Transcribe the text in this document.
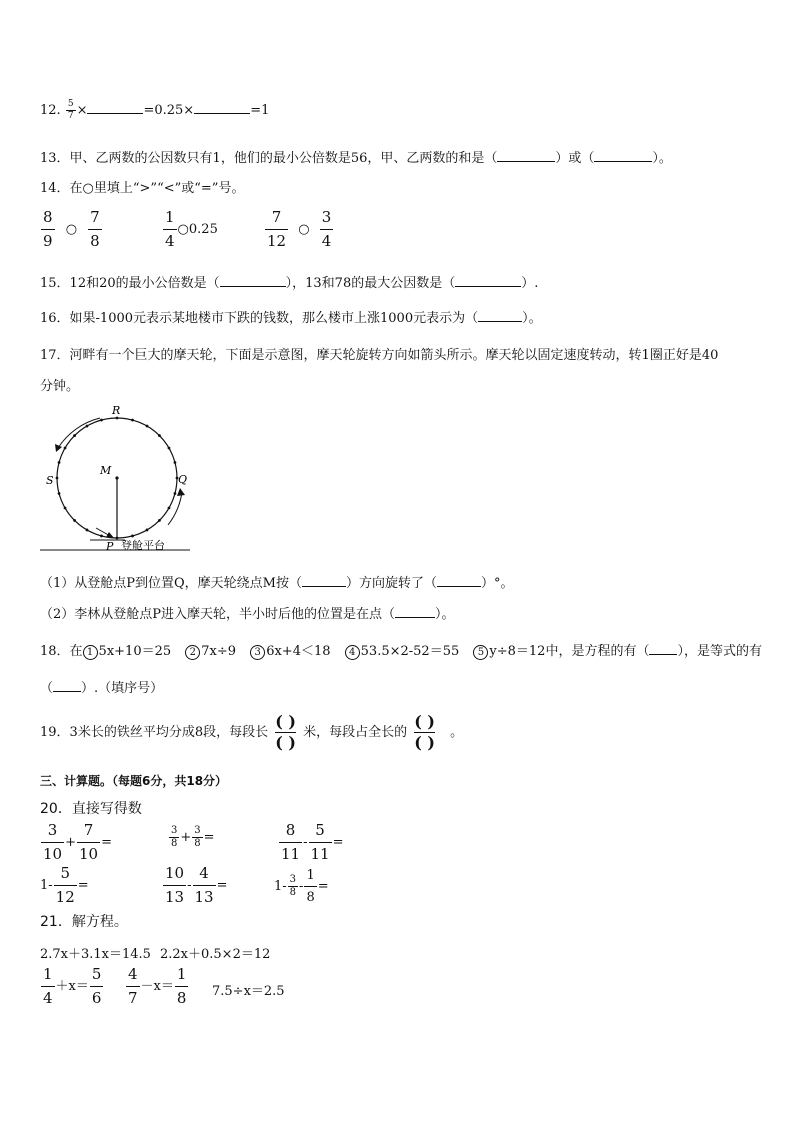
12. $\frac{5}{7}$ ×	=0.25×	=1
13．甲、乙两数的公因数只有1，他们的最小公倍数是56，甲、乙两数的和是（	）或（	）。
14．在○里填上“>”“<”或“=”号。
$\frac{8}{9}$ ○ $\frac{7}{8}$	$\frac{1}{4}$ ○0.25	$\frac{7}{12}$ ○ $\frac{3}{4}$
15．12和20的最小公倍数是（	），13和78的最大公因数是（	）.
16．如果-1000元表示某地楼市下跌的钱数，那么楼市上涨1000元表示为（	）。
17．河畔有一个巨大的摩天轮，下面是示意图，摩天轮旋转方向如箭头所示。摩天轮以固定速度转动，转1圈正好是40
分钟。
R
M
S	Q
P 登舱平台
（1）从登舱点P到位置Q，摩天轮绕点M按（	）方向旋转了（	）°。
（2）李林从登舱点P进入摩天轮，半小时后他的位置是在点（	）。
18．在 1 5x+10＝25 2 7x÷9 3 6x+4＜18 4 53.5×2-52＝55 5 y÷8＝12中，是方程的有（ ），是等式的有
（ ）.（填序号）
19．3米长的铁丝平均分成8段，每段长 $\frac{( )}{( )}$ 米，每段占全长的 $\frac{( )}{( )}$ 。
三、计算题。（每题6分，共18分）
20．直接写得数
$\frac{3}{10} + \frac{7}{10}$ =	$\frac{3}{8} + \frac{3}{8}$ =	$\frac{8}{11} - \frac{5}{11}$ =
$1- \frac{5}{12}$ =	$\frac{10}{13} - \frac{4}{13}$ =	$1- \frac{3}{8} - \frac{1}{8}$ =
21．解方程。
2.7x＋3.1x＝14.5 2.2x＋0.5×2＝12
$\frac{1}{4} +x= \frac{5}{6} \frac{4}{7} -x= \frac{1}{8} 7.5\div x=2.5$
